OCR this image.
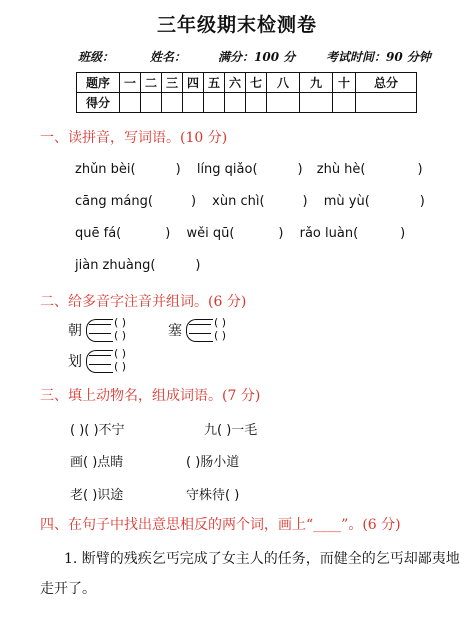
三年级期末检测卷
班级：	姓名：	满分：100 分	考试时间：90 分钟
题序	一	二	三	四	五	六	七	八	九	十	总分
得分											
一、读拼音，写词语。(10 分)
zhǔn bèi(	) líng qiǎo(	) zhù hè(	)
cāng máng(	) xùn chì(	) mù yù(	)
quē fá(	) wěi qū(	) rǎo luàn(	)
jiàn zhuàng(	)
二、给多音字注音并组词。(6 分)
朝
( )
( )	塞
( )
( )
划
( )
( )
三、填上动物名，组成词语。(7 分)
( )( )不宁	九( )一毛
画( )点睛	( )肠小道
老( )识途	守株待( )
四、在句子中找出意思相反的两个词，画上“____”。(6 分)
1. 断臂的残疾乞丐完成了女主人的任务，而健全的乞丐却鄙夷地
走开了。
